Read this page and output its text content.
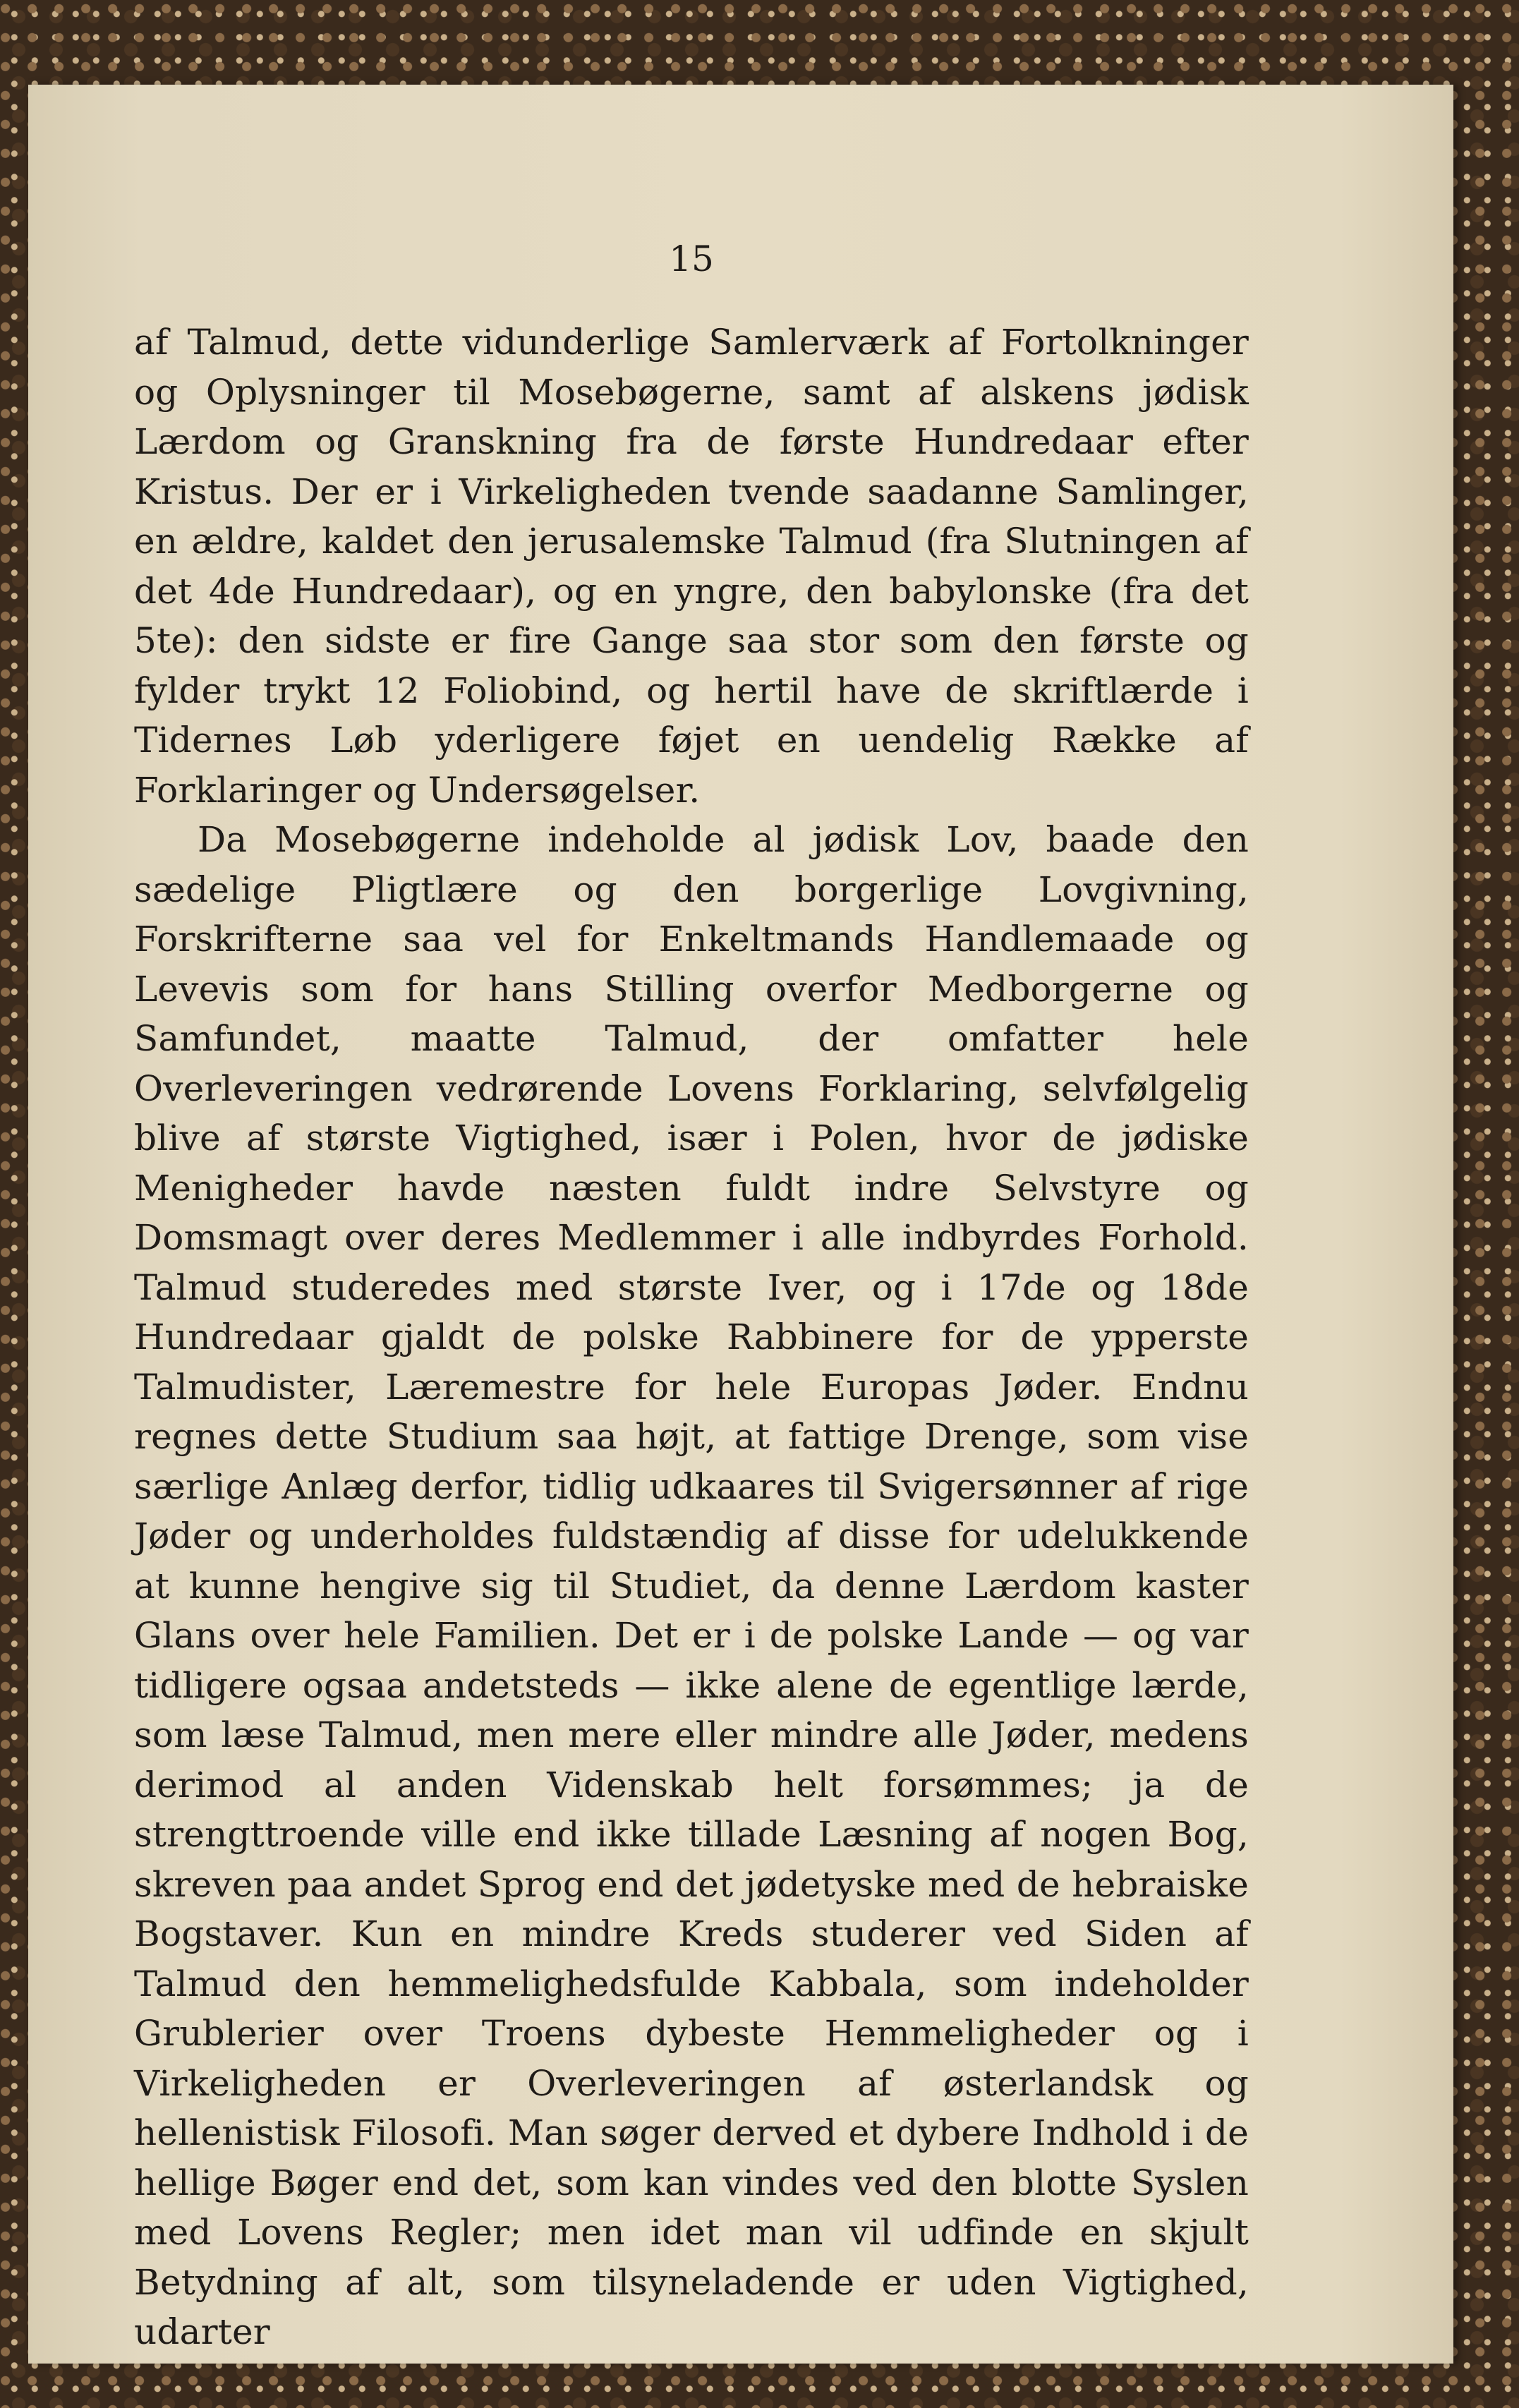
15

af Talmud, dette vidunderlige Samlerværk af Fortolkninger og Oplysninger til Mosebøgerne, samt af alskens jødisk Lærdom og Granskning fra de første Hundredaar efter Kristus. Der er i Virkeligheden tvende saadanne Samlinger, en ældre, kaldet den jerusalemske Talmud (fra Slutningen af det 4de Hundredaar), og en yngre, den babylonske (fra det 5te): den sidste er fire Gange saa stor som den første og fylder trykt 12 Foliobind, og hertil have de skriftlærde i Tidernes Løb yderligere føjet en uendelig Række af Forklaringer og Undersøgelser.

Da Mosebøgerne indeholde al jødisk Lov, baade den sædelige Pligtlære og den borgerlige Lovgivning, Forskrifterne saa vel for Enkeltmands Handlemaade og Levevis som for hans Stilling overfor Medborgerne og Samfundet, maatte Talmud, der omfatter hele Overleveringen vedrørende Lovens Forklaring, selvfølgelig blive af største Vigtighed, især i Polen, hvor de jødiske Menigheder havde næsten fuldt indre Selvstyre og Domsmagt over deres Medlemmer i alle indbyrdes Forhold. Talmud studeredes med største Iver, og i 17de og 18de Hundredaar gjaldt de polske Rabbinere for de ypperste Talmudister, Læremestre for hele Europas Jøder. Endnu regnes dette Studium saa højt, at fattige Drenge, som vise særlige Anlæg derfor, tidlig udkaares til Svigersønner af rige Jøder og underholdes fuldstændig af disse for udelukkende at kunne hengive sig til Studiet, da denne Lærdom kaster Glans over hele Familien. Det er i de polske Lande — og var tidligere ogsaa andetsteds — ikke alene de egentlige lærde, som læse Talmud, men mere eller mindre alle Jøder, medens derimod al anden Videnskab helt forsømmes; ja de strengttroende ville end ikke tillade Læsning af nogen Bog, skreven paa andet Sprog end det jødetyske med de hebraiske Bogstaver. Kun en mindre Kreds studerer ved Siden af Talmud den hemmelighedsfulde Kabbala, som indeholder Grublerier over Troens dybeste Hemmeligheder og i Virkeligheden er Overleveringen af østerlandsk og hellenistisk Filosofi. Man søger derved et dybere Indhold i de hellige Bøger end det, som kan vindes ved den blotte Syslen med Lovens Regler; men idet man vil udfinde en skjult Betydning af alt, som tilsyneladende er uden Vigtighed, udarter
